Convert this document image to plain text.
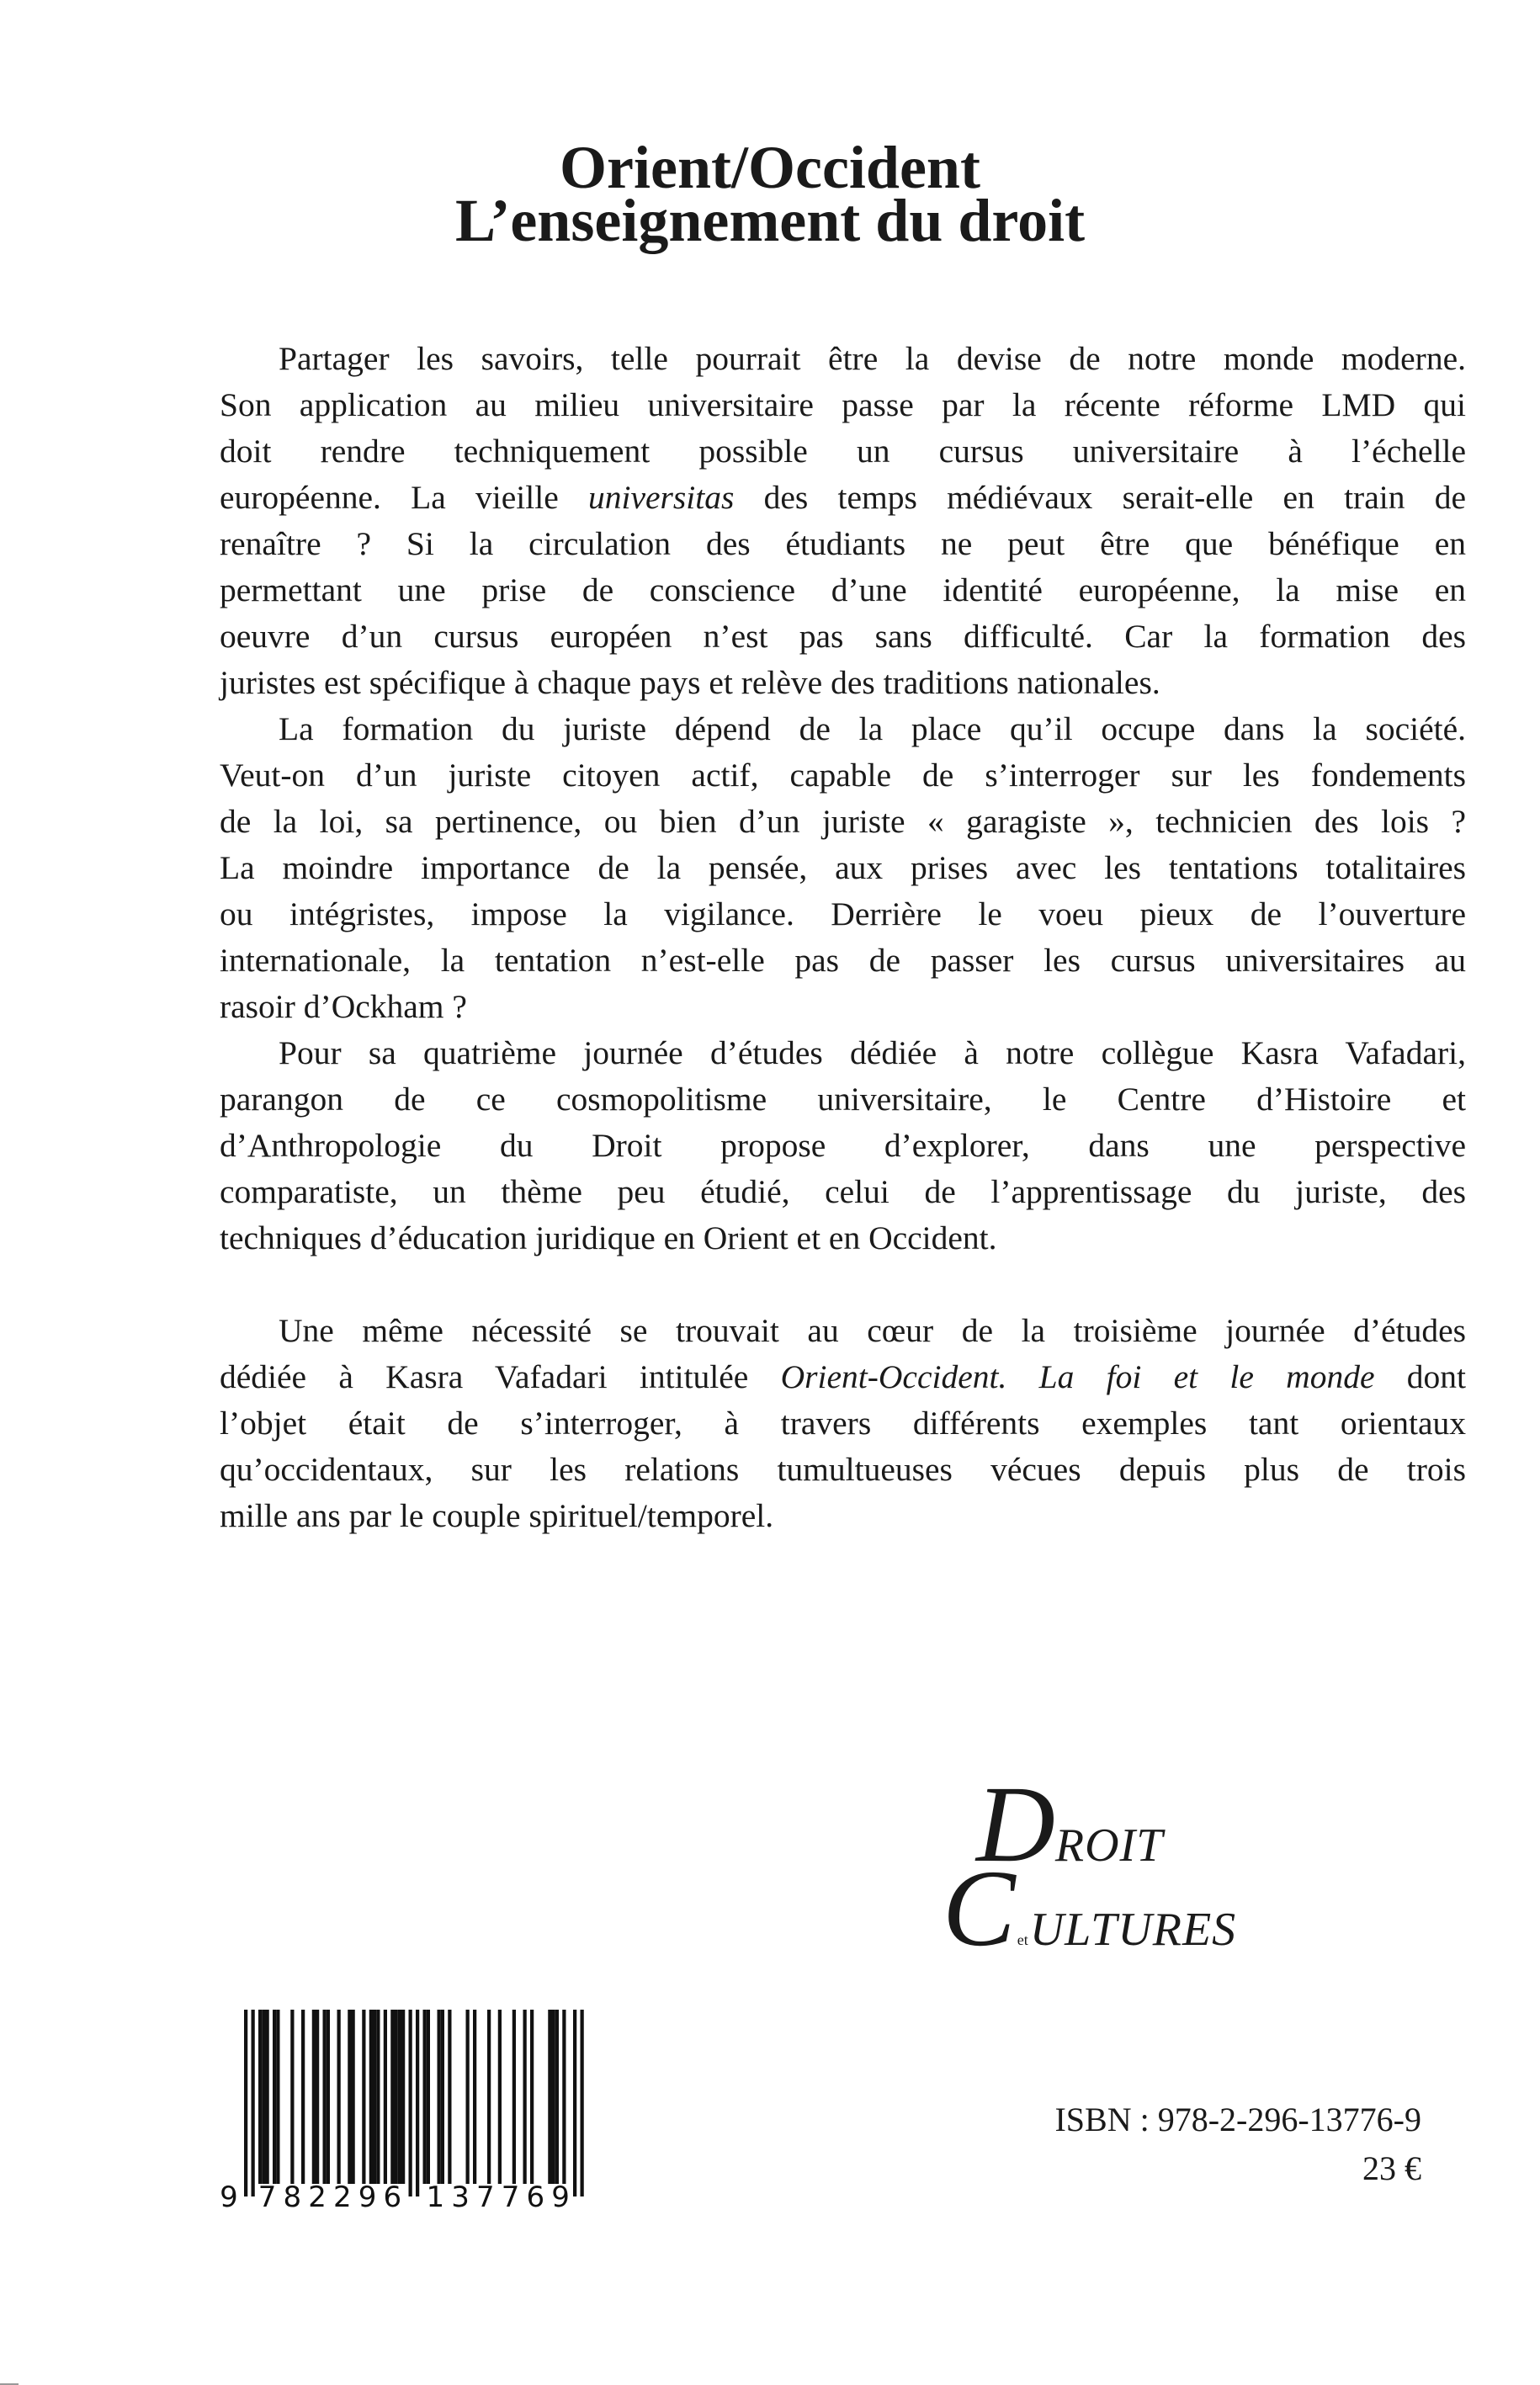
Orient/Occident
L’enseignement du droit
Partager les savoirs, telle pourrait être la devise de notre monde moderne.
Son application au milieu universitaire passe par la récente réforme LMD qui
doit rendre techniquement possible un cursus universitaire à l’échelle
européenne. La vieille universitas des temps médiévaux serait-elle en train de
renaître ? Si la circulation des étudiants ne peut être que bénéfique en
permettant une prise de conscience d’une identité européenne, la mise en
oeuvre d’un cursus européen n’est pas sans difficulté. Car la formation des
juristes est spécifique à chaque pays et relève des traditions nationales.
La formation du juriste dépend de la place qu’il occupe dans la société.
Veut-on d’un juriste citoyen actif, capable de s’interroger sur les fondements
de la loi, sa pertinence, ou bien d’un juriste « garagiste », technicien des lois ?
La moindre importance de la pensée, aux prises avec les tentations totalitaires
ou intégristes, impose la vigilance. Derrière le voeu pieux de l’ouverture
internationale, la tentation n’est-elle pas de passer les cursus universitaires au
rasoir d’Ockham ?
Pour sa quatrième journée d’études dédiée à notre collègue Kasra Vafadari,
parangon de ce cosmopolitisme universitaire, le Centre d’Histoire et
d’Anthropologie du Droit propose d’explorer, dans une perspective
comparatiste, un thème peu étudié, celui de l’apprentissage du juriste, des
techniques d’éducation juridique en Orient et en Occident.
Une même nécessité se trouvait au cœur de la troisième journée d’études
dédiée à Kasra Vafadari intitulée Orient-Occident. La foi et le monde dont
l’objet était de s’interroger, à travers différents exemples tant orientaux
qu’occidentaux, sur les relations tumultueuses vécues depuis plus de trois
mille ans par le couple spirituel/temporel.
D ROIT
C et ULTURES
ISBN : 978-2-296-13776-9
23 €
9 7 8 2 2 9 6 1 3 7 7 6 9
